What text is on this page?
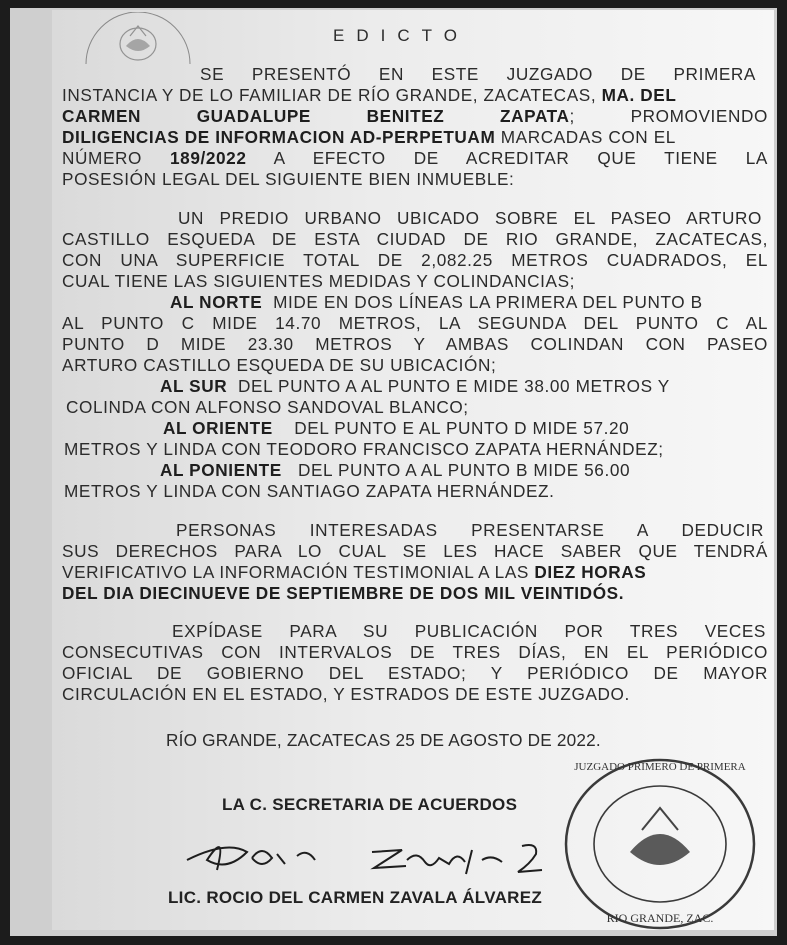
EDICTO
SE PRESENTÓ EN ESTE JUZGADO DE PRIMERA
INSTANCIA Y DE LO FAMILIAR DE RÍO GRANDE, ZACATECAS, MA. DEL
CARMEN GUADALUPE BENITEZ ZAPATA; PROMOVIENDO
DILIGENCIAS DE INFORMACION AD-PERPETUAM MARCADAS CON EL
NÚMERO 189/2022 A EFECTO DE ACREDITAR QUE TIENE LA
POSESIÓN LEGAL DEL SIGUIENTE BIEN INMUEBLE:
UN PREDIO URBANO UBICADO SOBRE EL PASEO ARTURO
CASTILLO ESQUEDA DE ESTA CIUDAD DE RIO GRANDE, ZACATECAS,
CON UNA SUPERFICIE TOTAL DE 2,082.25 METROS CUADRADOS, EL
CUAL TIENE LAS SIGUIENTES MEDIDAS Y COLINDANCIAS;
AL NORTE MIDE EN DOS LÍNEAS LA PRIMERA DEL PUNTO B
AL PUNTO C MIDE 14.70 METROS, LA SEGUNDA DEL PUNTO C AL
PUNTO D MIDE 23.30 METROS Y AMBAS COLINDAN CON PASEO
ARTURO CASTILLO ESQUEDA DE SU UBICACIÓN;
AL SUR DEL PUNTO A AL PUNTO E MIDE 38.00 METROS Y
COLINDA CON ALFONSO SANDOVAL BLANCO;
AL ORIENTE DEL PUNTO E AL PUNTO D MIDE 57.20
METROS Y LINDA CON TEODORO FRANCISCO ZAPATA HERNÁNDEZ;
AL PONIENTE DEL PUNTO A AL PUNTO B MIDE 56.00
METROS Y LINDA CON SANTIAGO ZAPATA HERNÁNDEZ.
PERSONAS INTERESADAS PRESENTARSE A DEDUCIR
SUS DERECHOS PARA LO CUAL SE LES HACE SABER QUE TENDRÁ
VERIFICATIVO LA INFORMACIÓN TESTIMONIAL A LAS DIEZ HORAS
DEL DIA DIECINUEVE DE SEPTIEMBRE DE DOS MIL VEINTIDÓS.
EXPÍDASE PARA SU PUBLICACIÓN POR TRES VECES
CONSECUTIVAS CON INTERVALOS DE TRES DÍAS, EN EL PERIÓDICO
OFICIAL DE GOBIERNO DEL ESTADO; Y PERIÓDICO DE MAYOR
CIRCULACIÓN EN EL ESTADO, Y ESTRADOS DE ESTE JUZGADO.
RÍO GRANDE, ZACATECAS 25 DE AGOSTO DE 2022.
JUZGADO PRIMERO DE PRIMERA
RIO GRANDE, ZAC.
LA C. SECRETARIA DE ACUERDOS
LIC. ROCIO DEL CARMEN ZAVALA ÁLVAREZ
